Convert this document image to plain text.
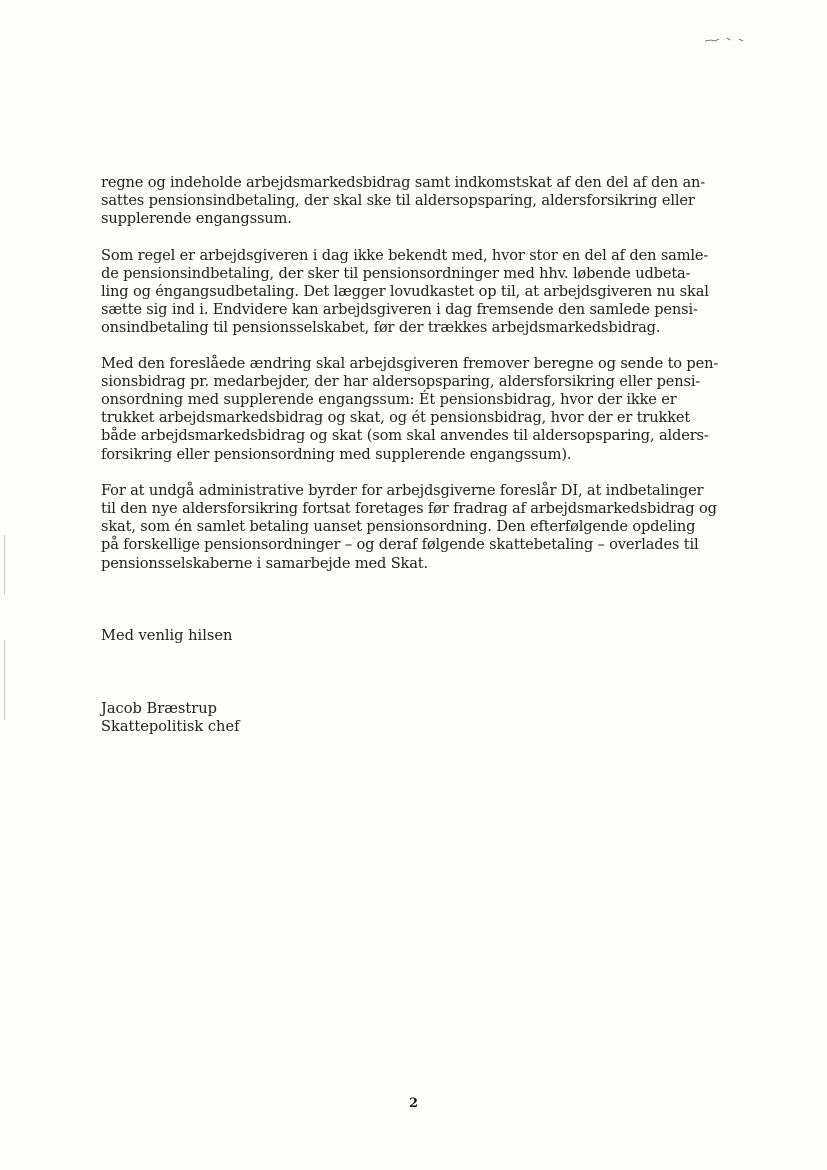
regne og indeholde arbejdsmarkedsbidrag samt indkomstskat af den del af den an-
sattes pensionsindbetaling, der skal ske til aldersopsparing, aldersforsikring eller
supplerende engangssum.

Som regel er arbejdsgiveren i dag ikke bekendt med, hvor stor en del af den samle-
de pensionsindbetaling, der sker til pensionsordninger med hhv. løbende udbeta-
ling og éngangsudbetaling. Det lægger lovudkastet op til, at arbejdsgiveren nu skal
sætte sig ind i. Endvidere kan arbejdsgiveren i dag fremsende den samlede pensi-
onsindbetaling til pensionsselskabet, før der trækkes arbejdsmarkedsbidrag.

Med den foreslåede ændring skal arbejdsgiveren fremover beregne og sende to pen-
sionsbidrag pr. medarbejder, der har aldersopsparing, aldersforsikring eller pensi-
onsordning med supplerende engangssum: Ét pensionsbidrag, hvor der ikke er
trukket arbejdsmarkedsbidrag og skat, og ét pensionsbidrag, hvor der er trukket
både arbejdsmarkedsbidrag og skat (som skal anvendes til aldersopsparing, alders-
forsikring eller pensionsordning med supplerende engangssum).

For at undgå administrative byrder for arbejdsgiverne foreslår DI, at indbetalinger
til den nye aldersforsikring fortsat foretages før fradrag af arbejdsmarkedsbidrag og
skat, som én samlet betaling uanset pensionsordning. Den efterfølgende opdeling
på forskellige pensionsordninger – og deraf følgende skattebetaling – overlades til
pensionsselskaberne i samarbejde med Skat.

Med venlig hilsen

Jacob Bræstrup
Skattepolitisk chef
2
